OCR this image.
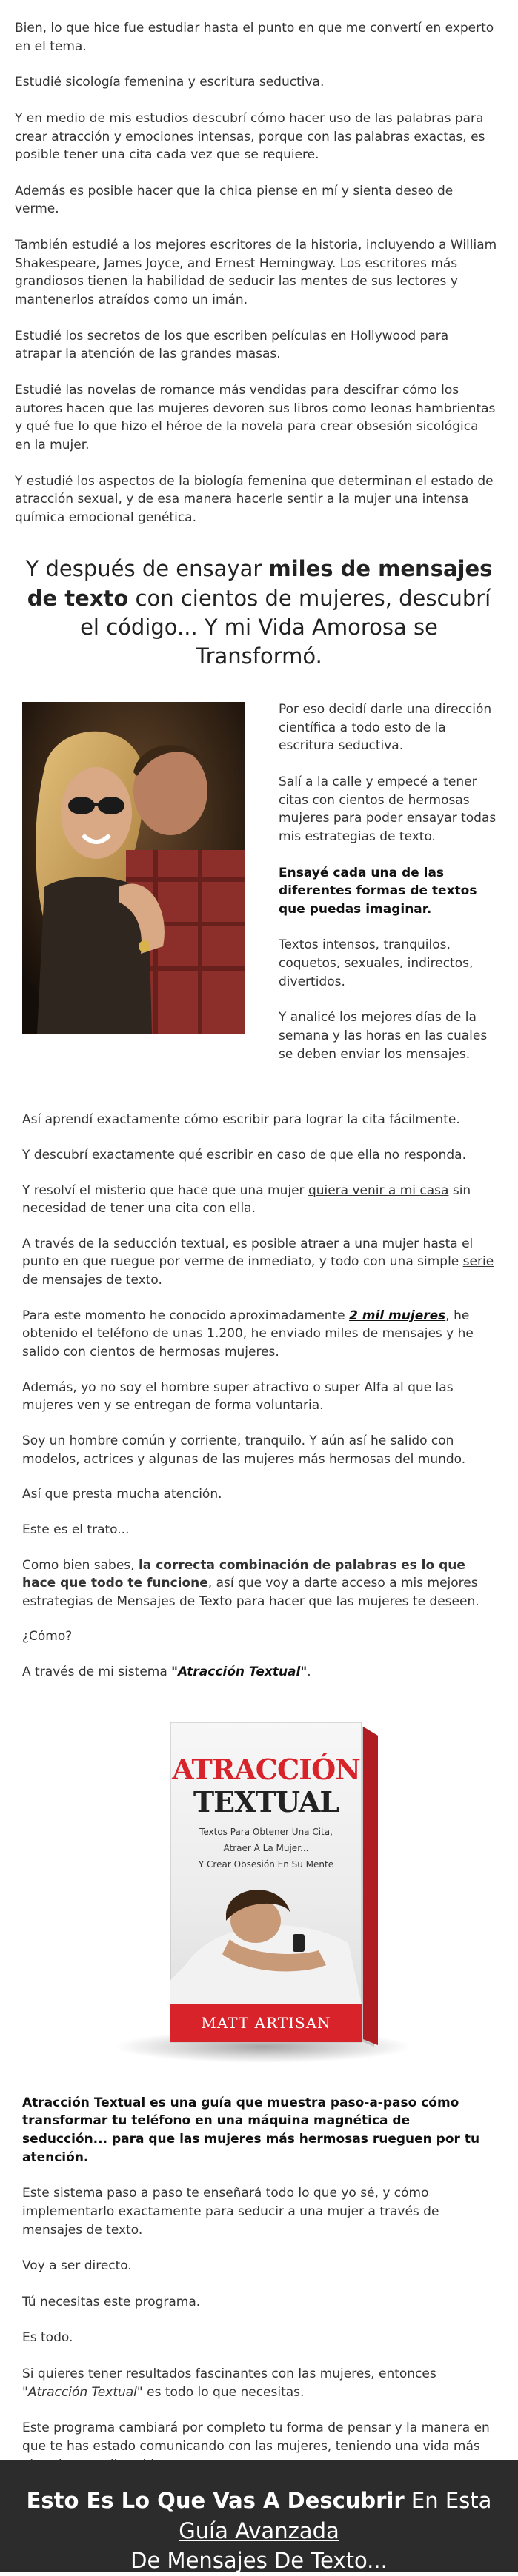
Bien, lo que hice fue estudiar hasta el punto en que me convertí en experto en el tema.

Estudié sicología femenina y escritura seductiva.

Y en medio de mis estudios descubrí cómo hacer uso de las palabras para crear atracción y emociones intensas, porque con las palabras exactas, es posible tener una cita cada vez que se requiere.

Además es posible hacer que la chica piense en mí y sienta deseo de verme.

También estudié a los mejores escritores de la historia, incluyendo a William Shakespeare, James Joyce, and Ernest Hemingway. Los escritores más grandiosos tienen la habilidad de seducir las mentes de sus lectores y mantenerlos atraídos como un imán.

Estudié los secretos de los que escriben películas en Hollywood para atrapar la atención de las grandes masas.

Estudié las novelas de romance más vendidas para descifrar cómo los autores hacen que las mujeres devoren sus libros como leonas hambrientas y qué fue lo que hizo el héroe de la novela para crear obsesión sicológica en la mujer.

Y estudié los aspectos de la biología femenina que determinan el estado de atracción sexual, y de esa manera hacerle sentir a la mujer una intensa química emocional genética.

Y después de ensayar miles de mensajes de texto con cientos de mujeres, descubrí el código... Y mi Vida Amorosa se Transformó.

Por eso decidí darle una dirección científica a todo esto de la escritura seductiva.

Salí a la calle y empecé a tener citas con cientos de hermosas mujeres para poder ensayar todas mis estrategias de texto.

Ensayé cada una de las diferentes formas de textos que puedas imaginar.

Textos intensos, tranquilos, coquetos, sexuales, indirectos, divertidos.

Y analicé los mejores días de la semana y las horas en las cuales se deben enviar los mensajes.

Así aprendí exactamente cómo escribir para lograr la cita fácilmente.

Y descubrí exactamente qué escribir en caso de que ella no responda.

Y resolví el misterio que hace que una mujer quiera venir a mi casa sin necesidad de tener una cita con ella.

A través de la seducción textual, es posible atraer a una mujer hasta el punto en que ruegue por verme de inmediato, y todo con una simple serie de mensajes de texto.

Para este momento he conocido aproximadamente 2 mil mujeres, he obtenido el teléfono de unas 1.200, he enviado miles de mensajes y he salido con cientos de hermosas mujeres.

Además, yo no soy el hombre super atractivo o super Alfa al que las mujeres ven y se entregan de forma voluntaria.

Soy un hombre común y corriente, tranquilo. Y aún así he salido con modelos, actrices y algunas de las mujeres más hermosas del mundo.

Así que presta mucha atención.

Este es el trato...

Como bien sabes, la correcta combinación de palabras es lo que hace que todo te funcione, así que voy a darte acceso a mis mejores estrategias de Mensajes de Texto para hacer que las mujeres te deseen.

¿Cómo?

A través de mi sistema "Atracción Textual".

ATRACCIÓN
TEXTUAL
Textos Para Obtener Una Cita,
Atraer A La Mujer...
Y Crear Obsesión En Su Mente
MATT ARTISAN

Atracción Textual es una guía que muestra paso-a-paso cómo transformar tu teléfono en una máquina magnética de seducción... para que las mujeres más hermosas rueguen por tu atención.

Este sistema paso a paso te enseñará todo lo que yo sé, y cómo implementarlo exactamente para seducir a una mujer a través de mensajes de texto.

Voy a ser directo.

Tú necesitas este programa.

Es todo.

Si quieres tener resultados fascinantes con las mujeres, entonces "Atracción Textual" es todo lo que necesitas.

Este programa cambiará por completo tu forma de pensar y la manera en que te has estado comunicando con las mujeres, teniendo una vida más

Esto Es Lo Que Vas A Descubrir En Esta Guía Avanzada
De Mensajes De Texto...
